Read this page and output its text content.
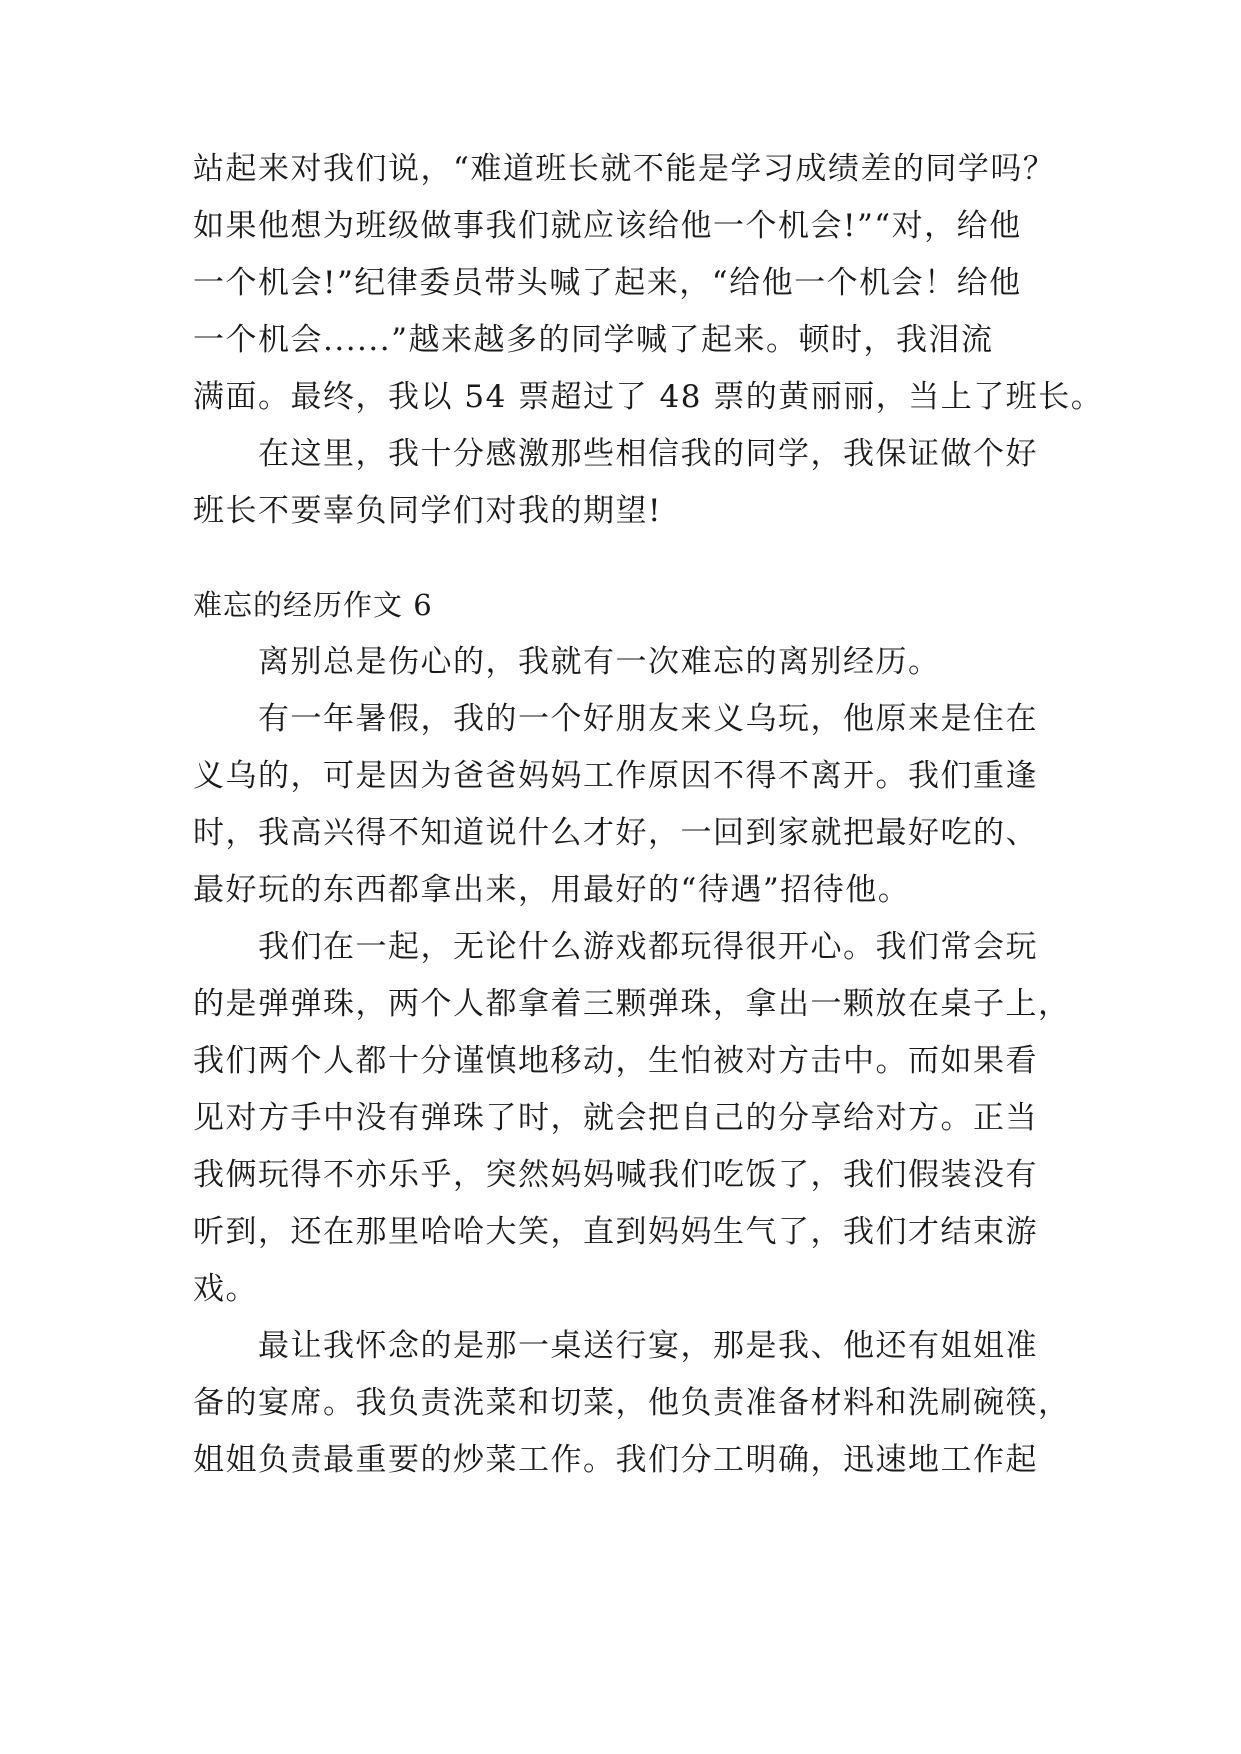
站起来对我们说，“难道班长就不能是学习成绩差的同学吗？
如果他想为班级做事我们就应该给他一个机会!”“对，给他
一个机会!”纪律委员带头喊了起来，“给他一个机会！给他
一个机会......”越来越多的同学喊了起来。顿时，我泪流
满面。最终，我以 54 票超过了 48 票的黄丽丽，当上了班长。
在这里，我十分感激那些相信我的同学，我保证做个好
班长不要辜负同学们对我的期望!
难忘的经历作文 6
离别总是伤心的，我就有一次难忘的离别经历。
有一年暑假，我的一个好朋友来义乌玩，他原来是住在
义乌的，可是因为爸爸妈妈工作原因不得不离开。我们重逢
时，我高兴得不知道说什么才好，一回到家就把最好吃的、
最好玩的东西都拿出来，用最好的“待遇”招待他。
我们在一起，无论什么游戏都玩得很开心。我们常会玩
的是弹弹珠，两个人都拿着三颗弹珠，拿出一颗放在桌子上，
我们两个人都十分谨慎地移动，生怕被对方击中。而如果看
见对方手中没有弹珠了时，就会把自己的分享给对方。正当
我俩玩得不亦乐乎，突然妈妈喊我们吃饭了，我们假装没有
听到，还在那里哈哈大笑，直到妈妈生气了，我们才结束游
戏。
最让我怀念的是那一桌送行宴，那是我、他还有姐姐准
备的宴席。我负责洗菜和切菜，他负责准备材料和洗刷碗筷，
姐姐负责最重要的炒菜工作。我们分工明确，迅速地工作起
